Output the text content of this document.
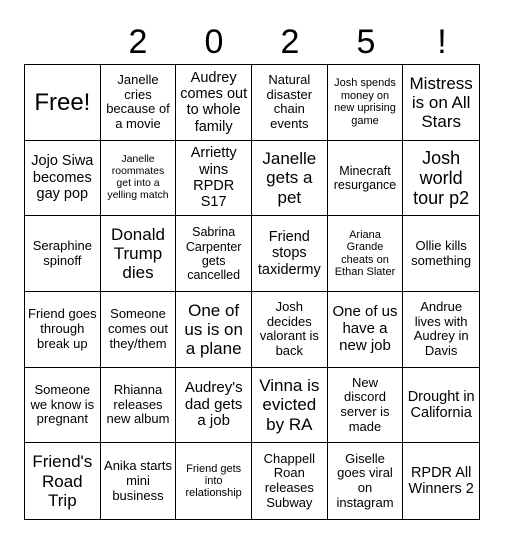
2	0	2	5	!
Free!
Janelle cries because of a movie
Audrey comes out to whole family
Natural disaster chain events
Josh spends money on new uprising game
Mistress is on All Stars
Jojo Siwa becomes gay pop
Janelle roommates get into a yelling match
Arrietty wins RPDR S17
Janelle gets a pet
Minecraft resurgance
Josh world tour p2
Seraphine spinoff
Donald Trump dies
Sabrina Carpenter gets cancelled
Friend stops taxidermy
Ariana Grande cheats on Ethan Slater
Ollie kills something
Friend goes through break up
Someone comes out they/them
One of us is on a plane
Josh decides valorant is back
One of us have a new job
Andrue lives with Audrey in Davis
Someone we know is pregnant
Rhianna releases new album
Audrey's dad gets a job
Vinna is evicted by RA
New discord server is made
Drought in California
Friend's Road Trip
Anika starts mini business
Friend gets into relationship
Chappell Roan releases Subway
Giselle goes viral on instagram
RPDR All Winners 2
